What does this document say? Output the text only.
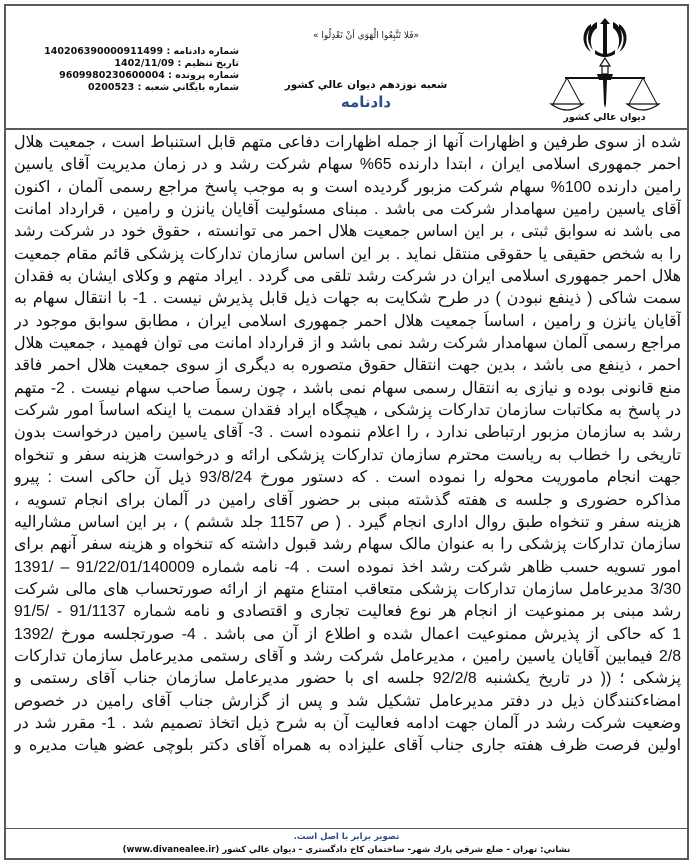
شماره دادنامه : 140206390000911499
تاريخ تنظيم : 1402/11/09
شماره پرونده : 9609980230600004
شماره بايگاني شعبه : 0200523
«فَلا تَتَّبِعُوا الْهَوَي أنْ تَعْدِلُوا »
شعبه نوزدهم ديوان عالي كشور
دادنامه
ديوان عالي كشور
شده از سوی طرفین و اظهارات آنها از جمله اظهارات دفاعی متهم قابل استنباط است ، جمعیت هلال
احمر جمهوری اسلامی ایران ، ابتدا دارنده 65% سهام شرکت رشد و در زمان مدیریت آقای یاسین
رامین دارنده 100% سهام شرکت مزبور گردیده است و به موجب پاسخ مراجع رسمی آلمان ، اکنون
آقای یاسین رامین سهامدار شرکت می باشد . مبنای مسئولیت آقایان یانزن و رامین ، قرارداد امانت
می باشد نه سوابق ثبتی ، بر این اساس جمعیت هلال احمر می توانسته ، حقوق خود در شرکت رشد
را به شخص حقیقی یا حقوقی منتقل نماید . بر این اساس سازمان تدارکات پزشکی قائم مقام جمعیت
هلال احمر جمهوری اسلامی ایران در شرکت رشد تلقی می گردد . ایراد متهم و وکلای ایشان به فقدان
سمت شاکی ( ذینفع نبودن ) در طرح شکایت به جهات ذیل قابل پذیرش نیست . 1- با انتقال سهام به
آقایان یانزن و رامین ، اساساً جمعیت هلال احمر جمهوری اسلامی ایران ، مطابق سوابق موجود در
مراجع رسمی آلمان سهامدار شرکت رشد نمی باشد و از قرارداد امانت می توان فهمید ، جمعیت هلال
احمر ، ذینفع می باشد ، بدین جهت انتقال حقوق متصوره به دیگری از سوی جمعیت هلال احمر فاقد
منع قانونی بوده و نیازی به انتقال رسمی سهام نمی باشد ، چون رسماً صاحب سهام نیست . 2- متهم
در پاسخ به مکاتبات سازمان تدارکات پزشکی ، هیچگاه ایراد فقدان سمت یا اینکه اساساً امور شرکت
رشد به سازمان مزبور ارتباطی ندارد ، را اعلام ننموده است . 3- آقای یاسین رامین درخواست بدون
تاریخی را خطاب به ریاست محترم سازمان تدارکات پزشکی ارائه و درخواست هزینه سفر و تنخواه
جهت انجام ماموریت محوله را نموده است . که دستور مورخ 93/8/24 ذیل آن حاکی است : پیرو
مذاکره حضوری و جلسه ی هفته گذشته مبنی بر حضور آقای رامین در آلمان برای انجام تسویه ،
هزینه سفر و تنخواه طبق روال اداری انجام گیرد . ( ص 1157 جلد ششم ) ، بر این اساس مشارالیه
سازمان تدارکات پزشکی را به عنوان مالک سهام رشد قبول داشته که تنخواه و هزینه سفر آنهم برای
امور تسویه حسب ظاهر شرکت رشد اخذ نموده است . 4- نامه شماره 91/22/01/140009 – /1391
3/30 مدیرعامل سازمان تدارکات پزشکی متعاقب امتناع متهم از ارائه صورتحساب های مالی شرکت
رشد مبنی بر ممنوعیت از انجام هر نوع فعالیت تجاری و اقتصادی و نامه شماره 91/1137 - /91/5
1 که حاکی از پذیرش ممنوعیت اعمال شده و اطلاع از آن می باشد . 4- صورتجلسه مورخ /1392
2/8 فیمابین آقایان یاسین رامین ، مدیرعامل شرکت رشد و آقای رستمی مدیرعامل سازمان تدارکات
پزشکی ؛ (( در تاریخ یکشنبه 92/2/8 جلسه ای با حضور مدیرعامل سازمان جناب آقای رستمی و
امضاءکنندگان ذیل در دفتر مدیرعامل تشکیل شد و پس از گزارش جناب آقای رامین در خصوص
وضعیت شرکت رشد در آلمان جهت ادامه فعالیت آن به شرح ذیل اتخاذ تصمیم شد . 1- مقرر شد در
اولین فرصت ظرف هفته جاری جناب آقای علیزاده به همراه آقای دکتر بلوچی عضو هیات مدیره و
تصوير برابر با اصل است.
نشاني: تهران - ضلع شرقي پارك شهر- ساختمان كاخ دادگستري - ديوان عالي كشور (www.divanealee.ir)
